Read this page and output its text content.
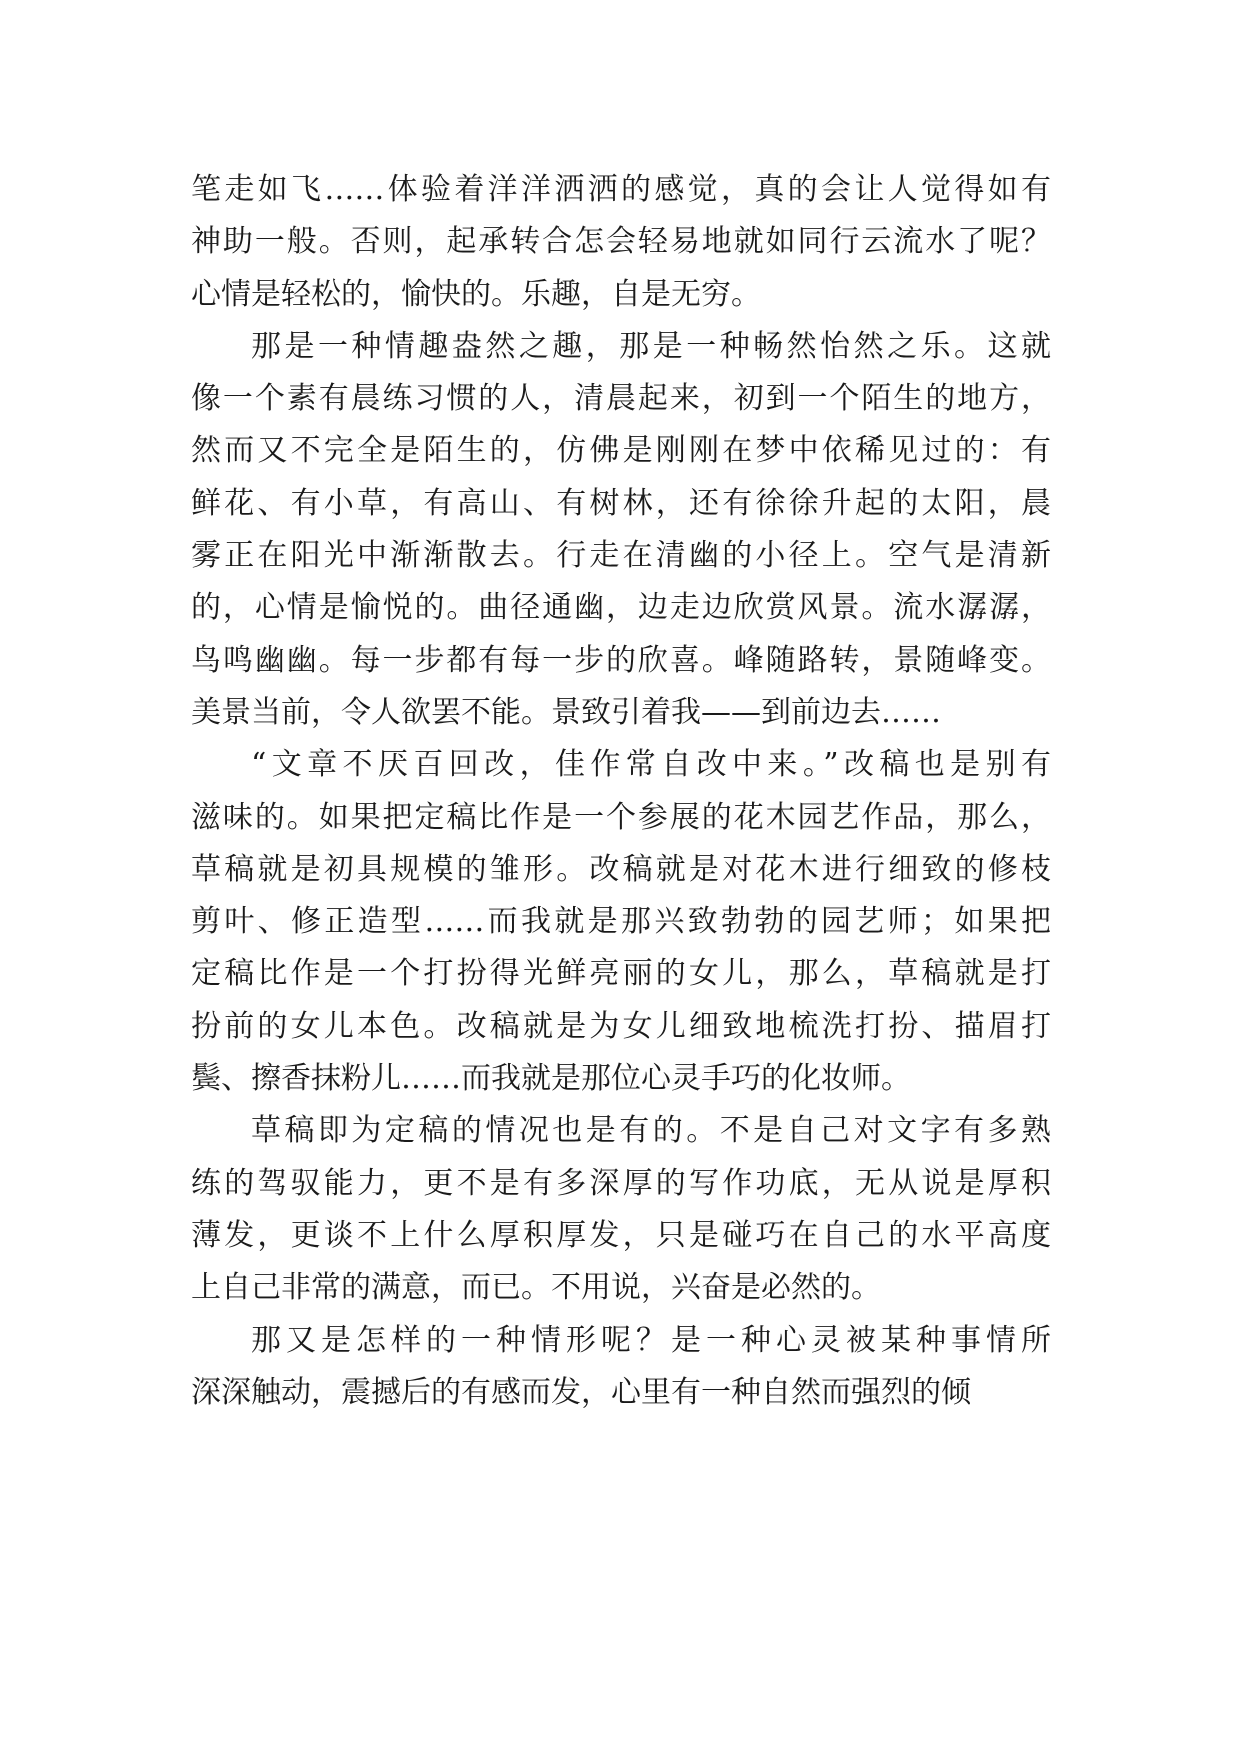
笔走如飞……体验着洋洋洒洒的感觉，真的会让人觉得如有
神助一般。否则，起承转合怎会轻易地就如同行云流水了呢？
心情是轻松的，愉快的。乐趣，自是无穷。

那是一种情趣盎然之趣，那是一种畅然怡然之乐。这就
像一个素有晨练习惯的人，清晨起来，初到一个陌生的地方，
然而又不完全是陌生的，仿佛是刚刚在梦中依稀见过的：有
鲜花、有小草，有高山、有树林，还有徐徐升起的太阳，晨
雾正在阳光中渐渐散去。行走在清幽的小径上。空气是清新
的，心情是愉悦的。曲径通幽，边走边欣赏风景。流水潺潺，
鸟鸣幽幽。每一步都有每一步的欣喜。峰随路转，景随峰变。
美景当前，令人欲罢不能。景致引着我——到前边去……

“文章不厌百回改，佳作常自改中来。”改稿也是别有
滋味的。如果把定稿比作是一个参展的花木园艺作品，那么，
草稿就是初具规模的雏形。改稿就是对花木进行细致的修枝
剪叶、修正造型……而我就是那兴致勃勃的园艺师；如果把
定稿比作是一个打扮得光鲜亮丽的女儿，那么，草稿就是打
扮前的女儿本色。改稿就是为女儿细致地梳洗打扮、描眉打
鬓、擦香抹粉儿……而我就是那位心灵手巧的化妆师。

草稿即为定稿的情况也是有的。不是自己对文字有多熟
练的驾驭能力，更不是有多深厚的写作功底，无从说是厚积
薄发，更谈不上什么厚积厚发，只是碰巧在自己的水平高度
上自己非常的满意，而已。不用说，兴奋是必然的。

那又是怎样的一种情形呢？是一种心灵被某种事情所
深深触动，震撼后的有感而发，心里有一种自然而强烈的倾
